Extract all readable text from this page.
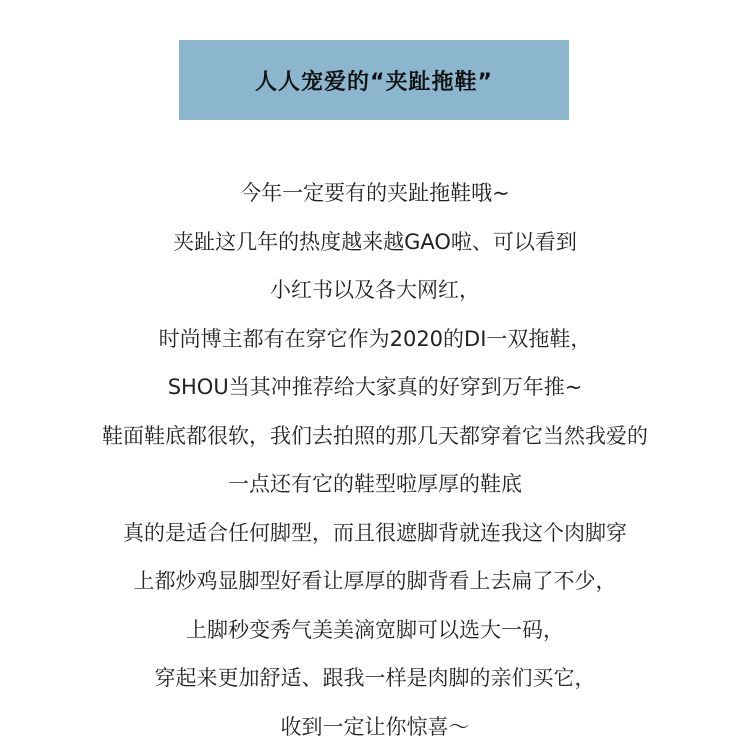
人人宠爱的“夹趾拖鞋”
今年一定要有的夹趾拖鞋哦~
夹趾这几年的热度越来越GAO啦、可以看到
小红书以及各大网红，
时尚博主都有在穿它作为2020的DI一双拖鞋，
SHOU当其冲推荐给大家真的好穿到万年推~
鞋面鞋底都很软，我们去拍照的那几天都穿着它当然我爱的
一点还有它的鞋型啦厚厚的鞋底
真的是适合任何脚型，而且很遮脚背就连我这个肉脚穿
上都炒鸡显脚型好看让厚厚的脚背看上去扁了不少，
上脚秒变秀气美美滴宽脚可以选大一码，
穿起来更加舒适、跟我一样是肉脚的亲们买它，
收到一定让你惊喜～
